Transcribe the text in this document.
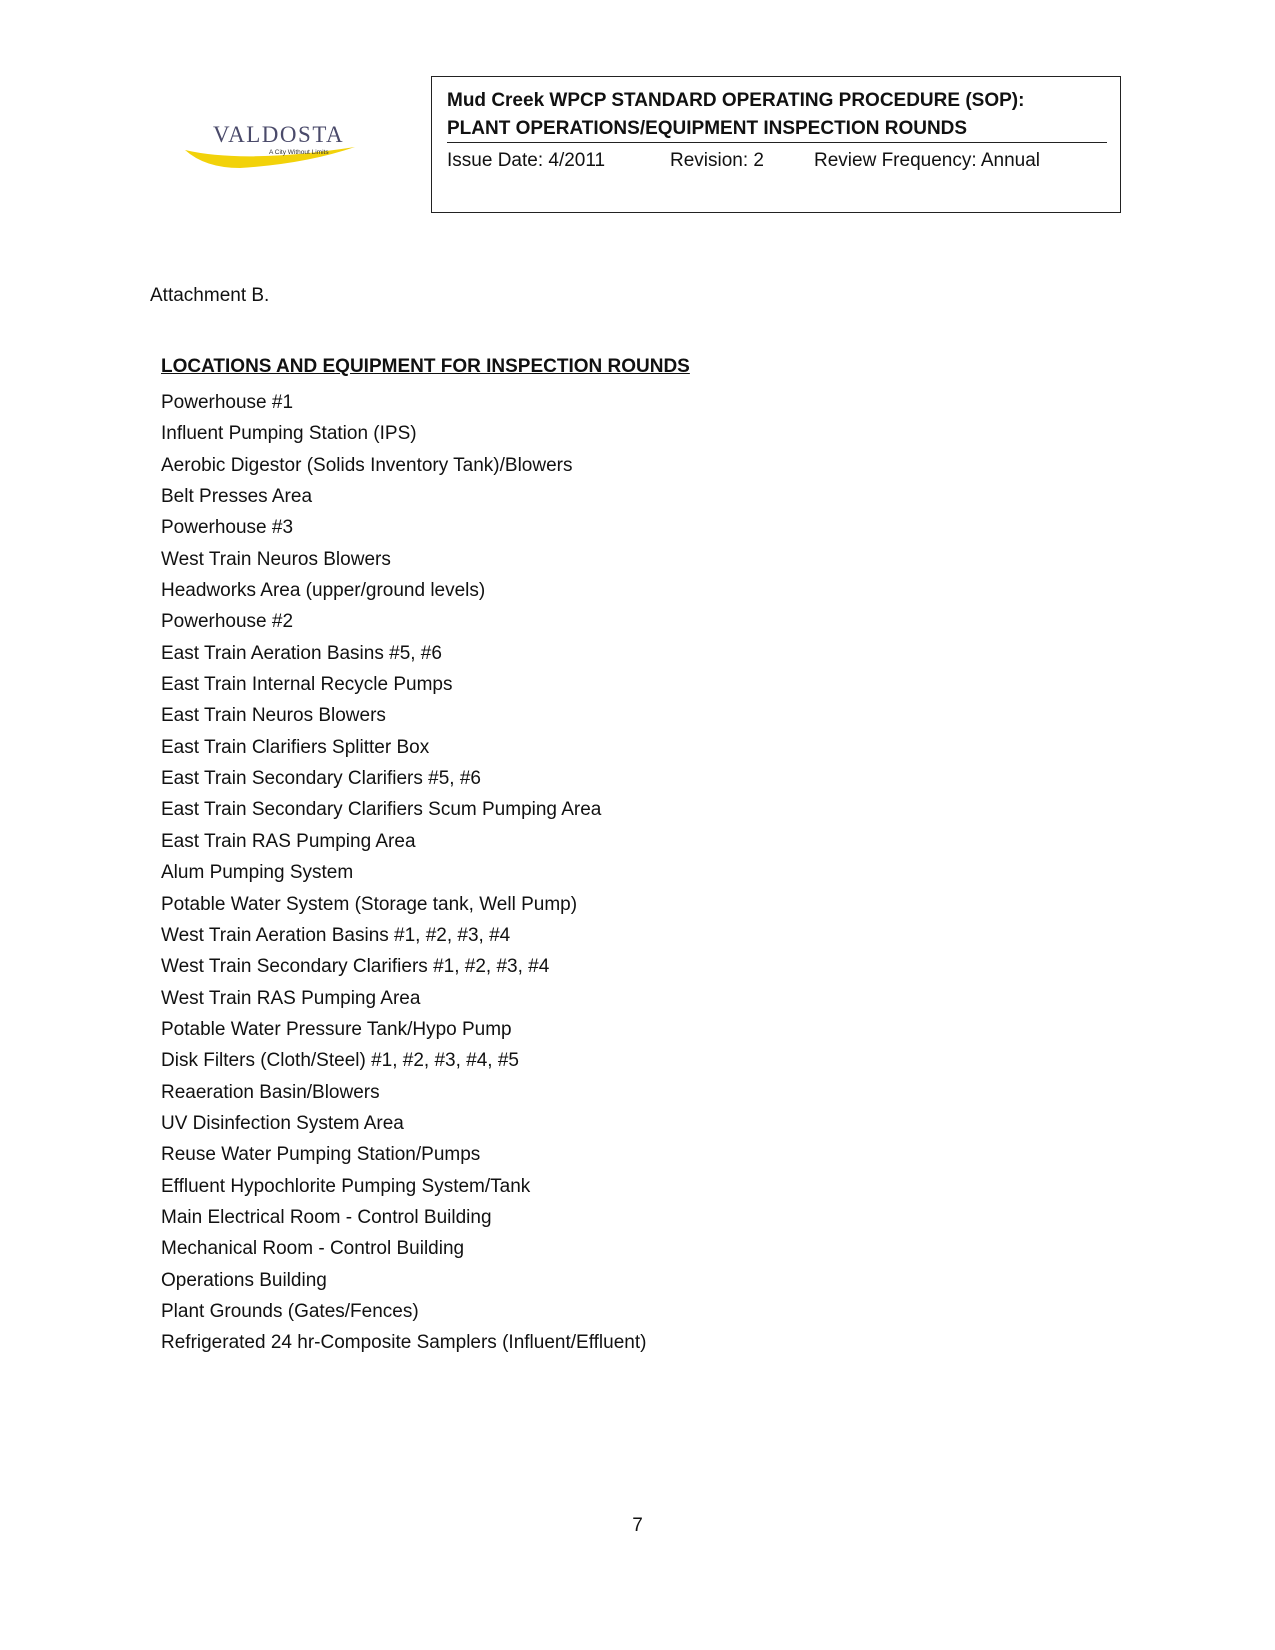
VALDOSTA
A City Without Limits
Mud Creek WPCP STANDARD OPERATING PROCEDURE (SOP):
PLANT OPERATIONS/EQUIPMENT INSPECTION ROUNDS
Issue Date: 4/2011	Revision: 2	Review Frequency: Annual
Attachment B.
LOCATIONS AND EQUIPMENT FOR INSPECTION ROUNDS
Powerhouse #1
Influent Pumping Station (IPS)
Aerobic Digestor (Solids Inventory Tank)/Blowers
Belt Presses Area
Powerhouse #3
West Train Neuros Blowers
Headworks Area (upper/ground levels)
Powerhouse #2
East Train Aeration Basins #5, #6
East Train Internal Recycle Pumps
East Train Neuros Blowers
East Train Clarifiers Splitter Box
East Train Secondary Clarifiers #5, #6
East Train Secondary Clarifiers Scum Pumping Area
East Train RAS Pumping Area
Alum Pumping System
Potable Water System (Storage tank, Well Pump)
West Train Aeration Basins #1, #2, #3, #4
West Train Secondary Clarifiers #1, #2, #3, #4
West Train RAS Pumping Area
Potable Water Pressure Tank/Hypo Pump
Disk Filters (Cloth/Steel) #1, #2, #3, #4, #5
Reaeration Basin/Blowers
UV Disinfection System Area
Reuse Water Pumping Station/Pumps
Effluent Hypochlorite Pumping System/Tank
Main Electrical Room - Control Building
Mechanical Room - Control Building
Operations Building
Plant Grounds (Gates/Fences)
Refrigerated 24 hr-Composite Samplers (Influent/Effluent)
7
